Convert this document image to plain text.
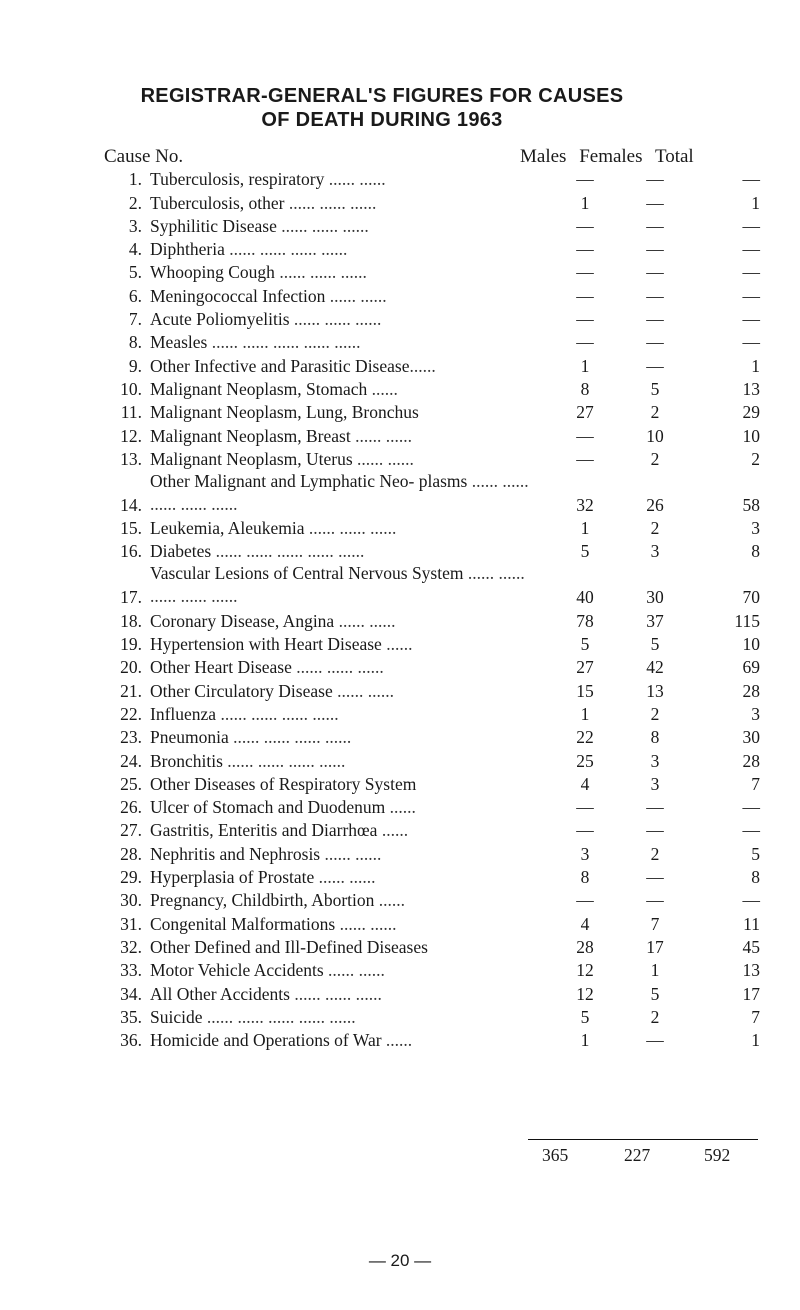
REGISTRAR-GENERAL'S FIGURES FOR CAUSES
OF DEATH DURING 1963
Cause No.	Males Females Total
1.	Tuberculosis, respiratory ...... ......	—	—	—
2.	Tuberculosis, other ...... ...... ......	1	—	1
3.	Syphilitic Disease ...... ...... ......	—	—	—
4.	Diphtheria ...... ...... ...... ......	—	—	—
5.	Whooping Cough ...... ...... ......	—	—	—
6.	Meningococcal Infection ...... ......	—	—	—
7.	Acute Poliomyelitis ...... ...... ......	—	—	—
8.	Measles ...... ...... ...... ...... ......	—	—	—
9.	Other Infective and Parasitic Disease......	1	—	1
10.	Malignant Neoplasm, Stomach ......	8	5	13
11.	Malignant Neoplasm, Lung, Bronchus	27	2	29
12.	Malignant Neoplasm, Breast ...... ......	—	10	10
13.	Malignant Neoplasm, Uterus ...... ......	—	2	2
14.	Other Malignant and Lymphatic Neo- plasms ...... ...... ...... ...... ......	32	26	58
15.	Leukemia, Aleukemia ...... ...... ......	1	2	3
16.	Diabetes ...... ...... ...... ...... ......	5	3	8
17.	Vascular Lesions of Central Nervous System ...... ...... ...... ...... ......	40	30	70
18.	Coronary Disease, Angina ...... ......	78	37	115
19.	Hypertension with Heart Disease ......	5	5	10
20.	Other Heart Disease ...... ...... ......	27	42	69
21.	Other Circulatory Disease ...... ......	15	13	28
22.	Influenza ...... ...... ...... ......	1	2	3
23.	Pneumonia ...... ...... ...... ......	22	8	30
24.	Bronchitis ...... ...... ...... ......	25	3	28
25.	Other Diseases of Respiratory System	4	3	7
26.	Ulcer of Stomach and Duodenum ......	—	—	—
27.	Gastritis, Enteritis and Diarrhœa ......	—	—	—
28.	Nephritis and Nephrosis ...... ......	3	2	5
29.	Hyperplasia of Prostate ...... ......	8	—	8
30.	Pregnancy, Childbirth, Abortion ......	—	—	—
31.	Congenital Malformations ...... ......	4	7	11
32.	Other Defined and Ill-Defined Diseases	28	17	45
33.	Motor Vehicle Accidents ...... ......	12	1	13
34.	All Other Accidents ...... ...... ......	12	5	17
35.	Suicide ...... ...... ...... ...... ......	5	2	7
36.	Homicide and Operations of War ......	1	—	1
365	227	592
— 20 —
